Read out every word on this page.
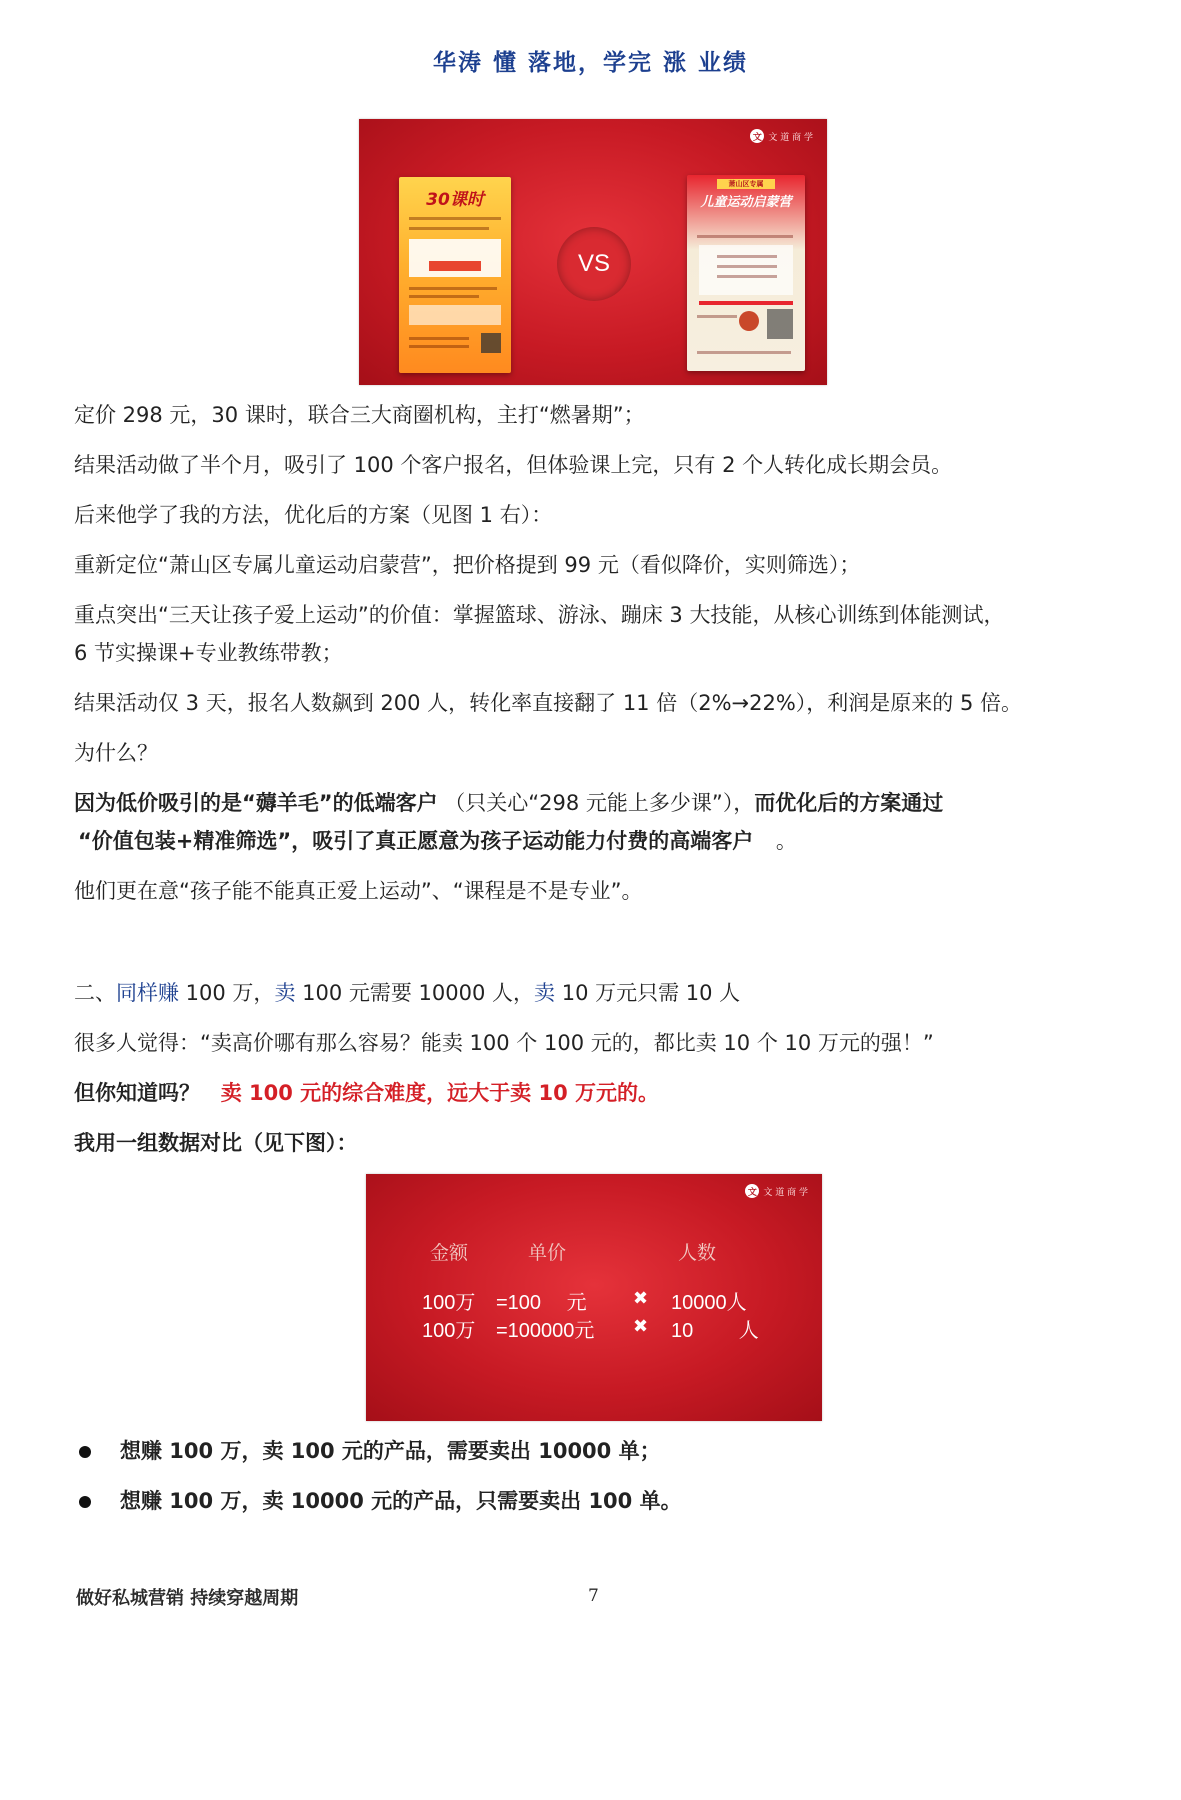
华涛 懂 落地，学完 涨 业绩
文 文 道 商 学
30课时
VS
萧山区专属
儿童运动启蒙营
定价 298 元，30 课时，联合三大商圈机构，主打“燃暑期”；
结果活动做了半个月，吸引了 100 个客户报名，但体验课上完，只有 2 个人转化成长期会员。
后来他学了我的方法，优化后的方案（见图 1 右）：
重新定位“萧山区专属儿童运动启蒙营”，把价格提到 99 元（看似降价，实则筛选）；
重点突出“三天让孩子爱上运动”的价值：掌握篮球、游泳、蹦床 3 大技能，从核心训练到体能测试，
6 节实操课+专业教练带教；
结果活动仅 3 天，报名人数飙到 200 人，转化率直接翻了 11 倍（2%→22%），利润是原来的 5 倍。
为什么？
因为低价吸引的是“薅羊毛”的低端客户 （只关心“298 元能上多少课”），而优化后的方案通过
“价值包装+精准筛选”，吸引了真正愿意为孩子运动能力付费的高端客户 。
他们更在意“孩子能不能真正爱上运动”、“课程是不是专业”。
二、同样赚 100 万，卖 100 元需要 10000 人，卖 10 万元只需 10 人
很多人觉得：“卖高价哪有那么容易？能卖 100 个 100 元的，都比卖 10 个 10 万元的强！”
但你知道吗？ 卖 100 元的综合难度，远大于卖 10 万元的。
我用一组数据对比（见下图）：
文 文 道 商 学
金额	单价	人数
100万 =100　 元	✖ 10000人
100万 =100000元 ✖ 10　　 人
想赚 100 万，卖 100 元的产品，需要卖出 10000 单；
想赚 100 万，卖 10000 元的产品，只需要卖出 100 单。
做好私城营销 持续穿越周期	7
